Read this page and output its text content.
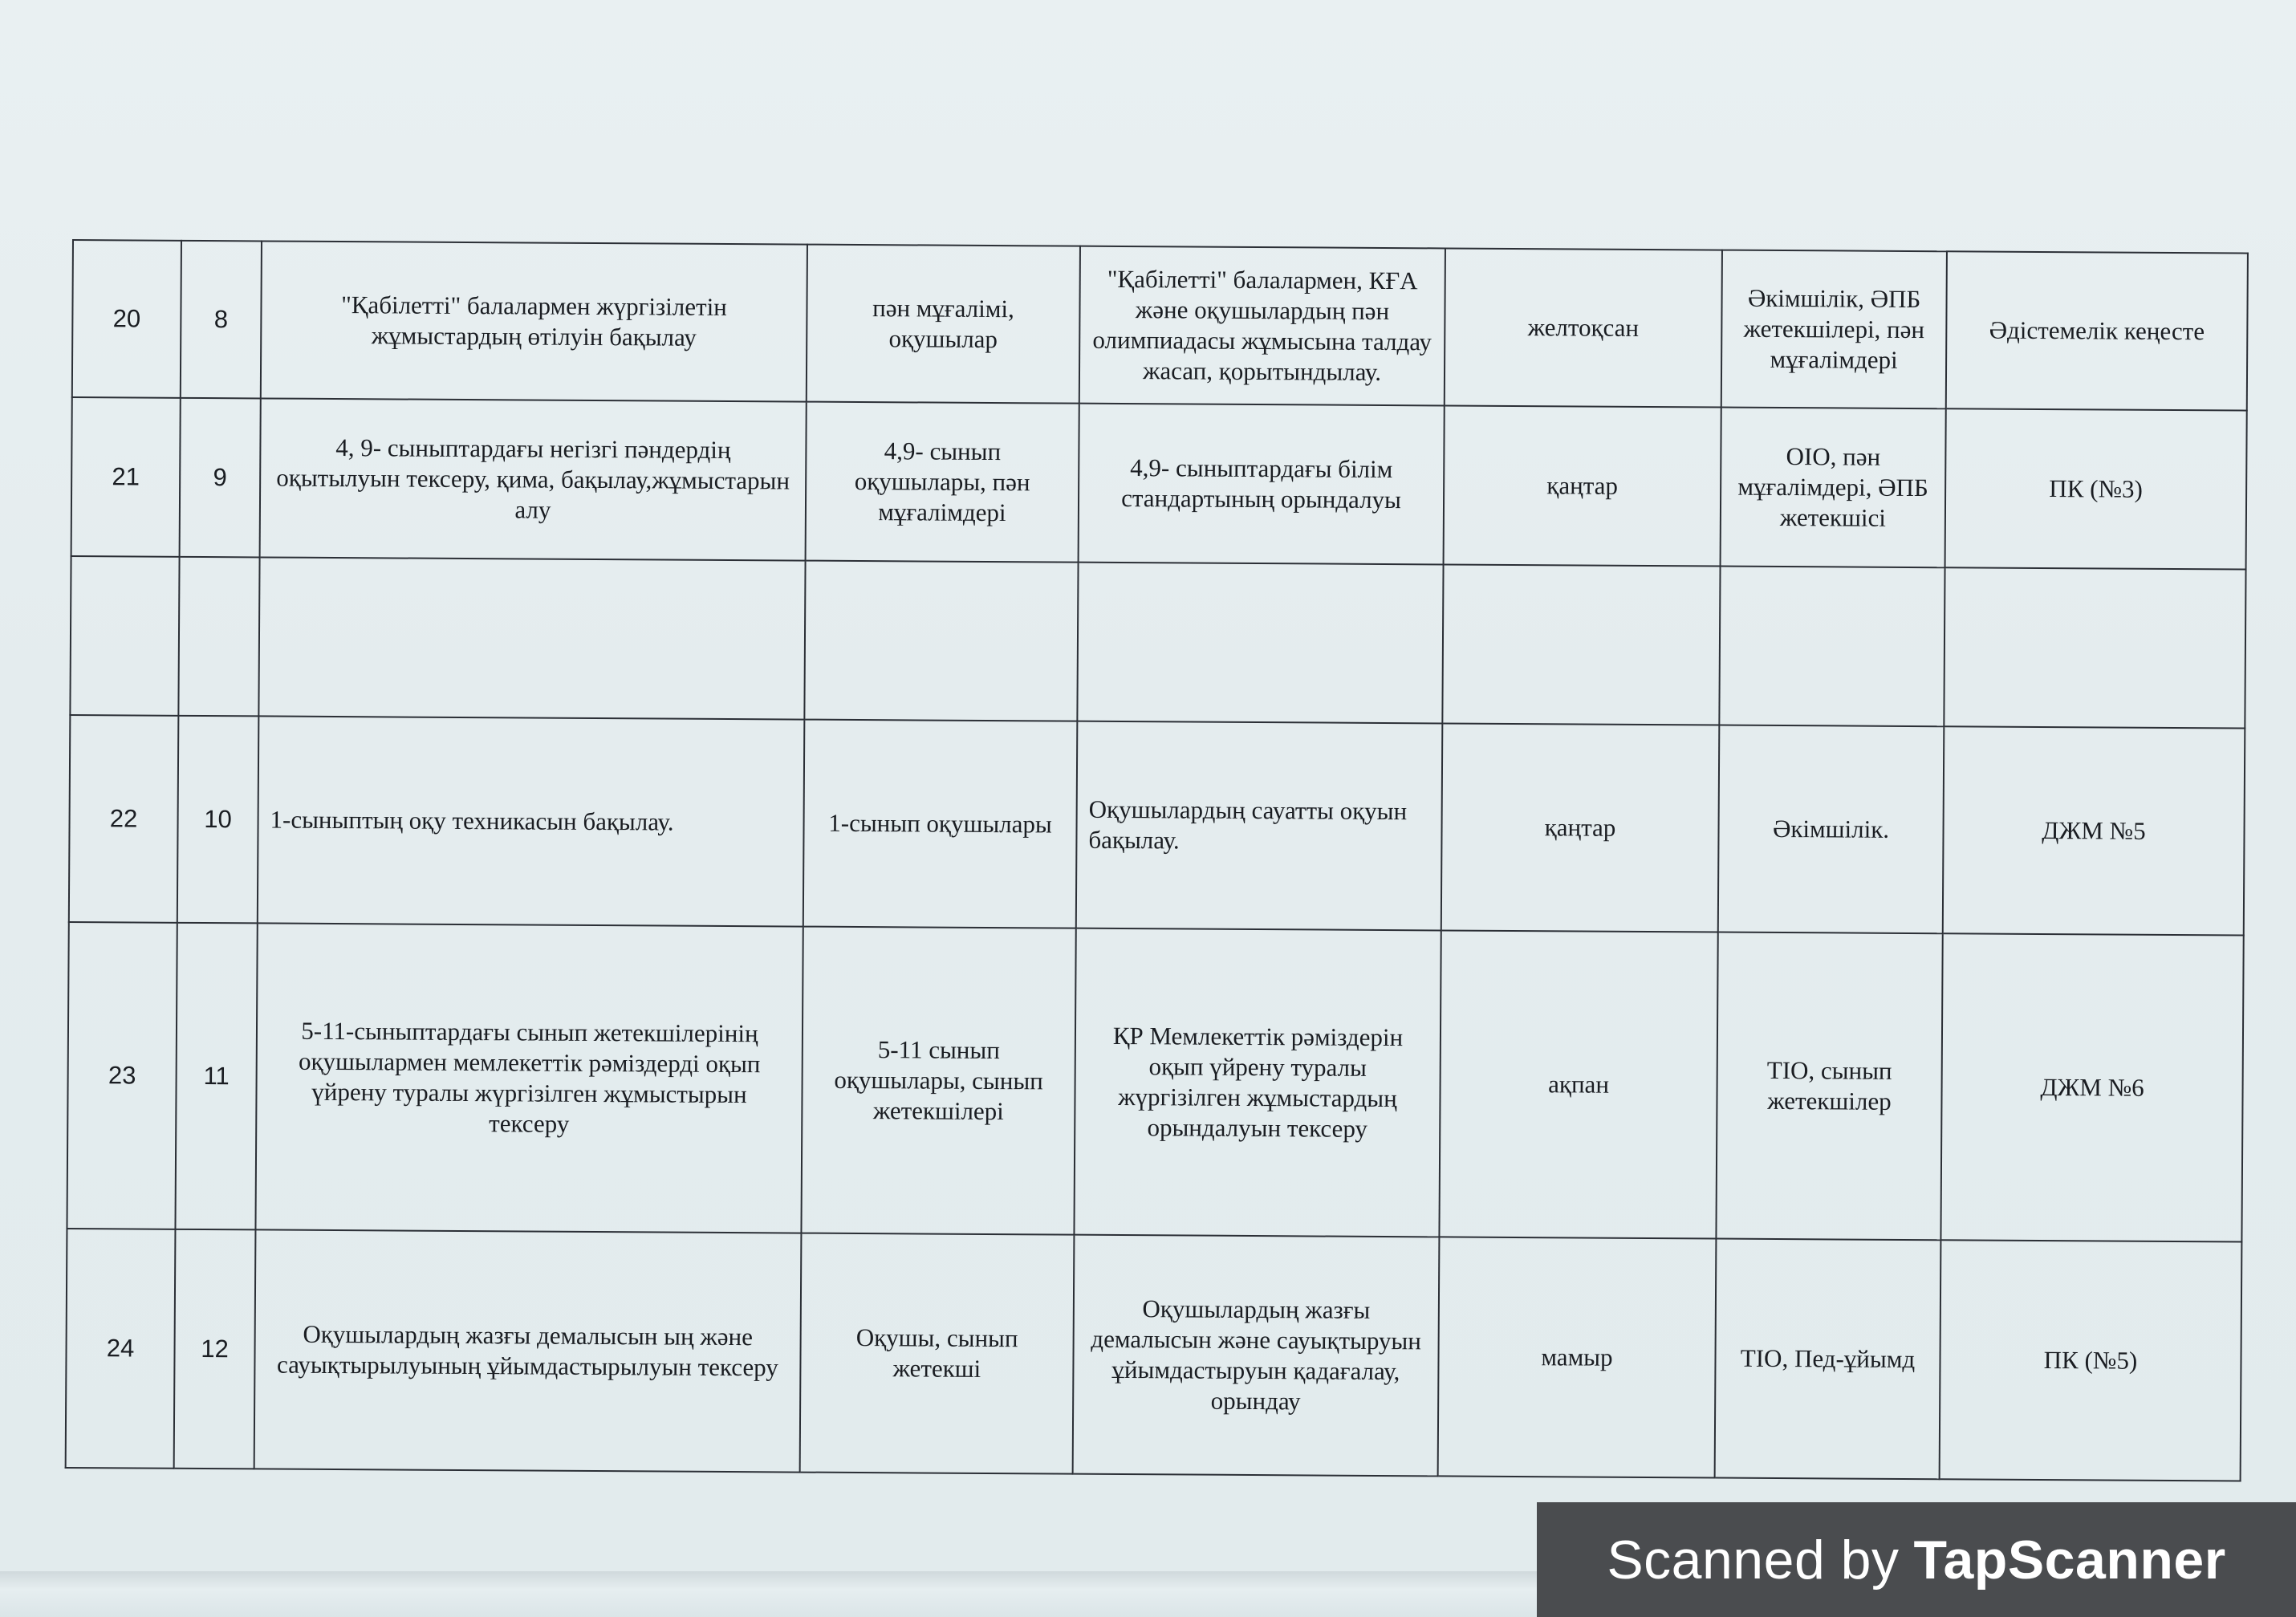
20	8	"Қабілетті" балалармен жүргізілетін жұмыстардың өтілуін бақылау	пән мұғалімі, оқушылар	"Қабілетті" балалармен, КҒА және оқушылардың пән олимпиадасы жұмысына талдау жасап, қорытындылау.	желтоқсан	Әкімшілік, ӘПБ жетекшілері, пән мұғалімдері	Әдістемелік кеңесте
21	9	4, 9- сыныптардағы негізгі пәндердің оқытылуын тексеру, қима, бақылау,жұмыстарын алу	4,9- сынып оқушылары, пән мұғалімдері	4,9- сыныптардағы білім стандартының орындалуы	қаңтар	ОІО, пән мұғалімдері, ӘПБ жетекшісі	ПК (№3)

22	10	1-сыныптың оқу техникасын бақылау.	1-сынып оқушылары	Оқушылардың сауатты оқуын бақылау.	қаңтар	Әкімшілік.	ДЖМ №5
23	11	5-11-сыныптардағы сынып жетекшілерінің оқушылармен мемлекеттік рәміздерді оқып үйрену туралы жүргізілген жұмыстырын тексеру	5-11 сынып оқушылары, сынып жетекшілері	ҚР Мемлекеттік рәміздерін оқып үйрену туралы жүргізілген жұмыстардың орындалуын тексеру	ақпан	ТІО, сынып жетекшілер	ДЖМ №6
24	12	Оқушылардың жазғы демалысын ың және сауықтырылуының ұйымдастырылуын тексеру	Оқушы, сынып жетекші	Оқушылардың жазғы демалысын және сауықтыруын ұйымдастыруын қадағалау, орындау	мамыр	ТІО, Пед-ұйымд	ПК (№5)
Scanned by TapScanner
